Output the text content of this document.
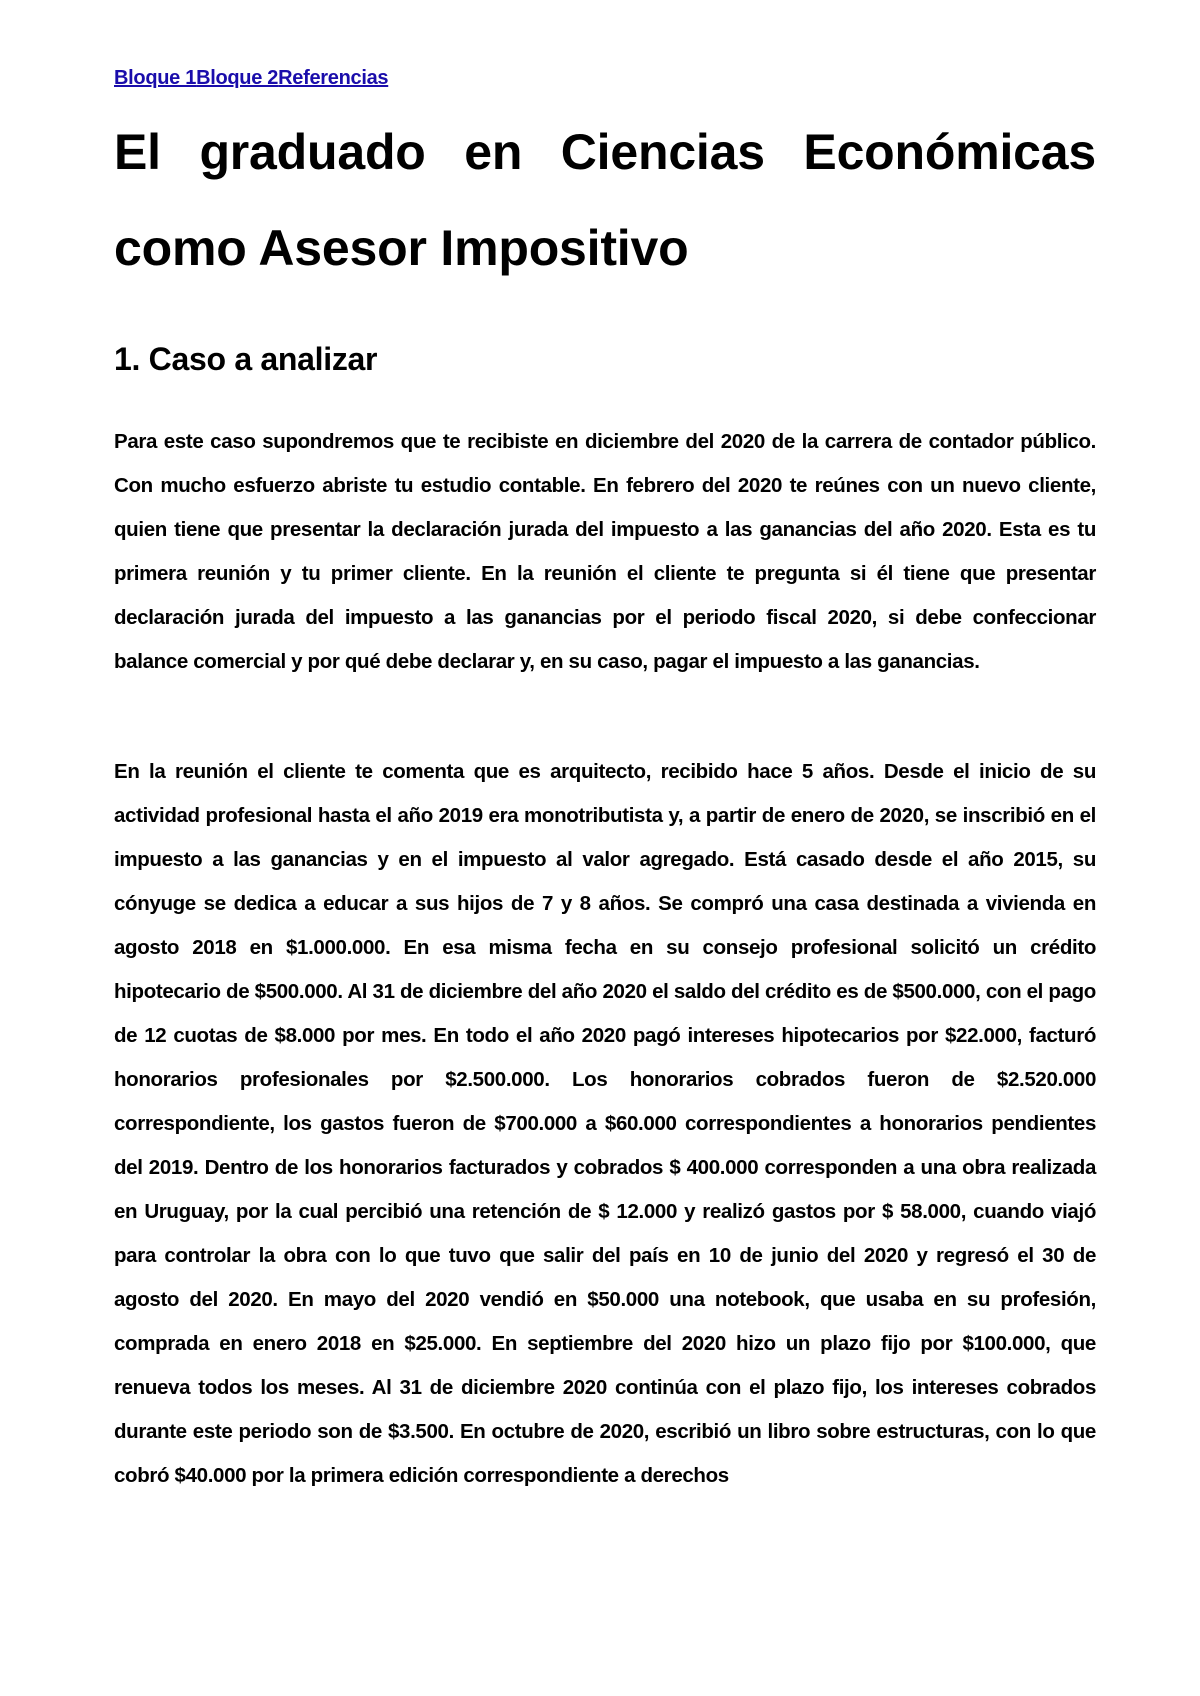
Bloque 1Bloque 2Referencias
El graduado en Ciencias Económicas como Asesor Impositivo
1. Caso a analizar

Para este caso supondremos que te recibiste en diciembre del 2020 de la carrera de contador público. Con mucho esfuerzo abriste tu estudio contable. En febrero del 2020 te reúnes con un nuevo cliente, quien tiene que presentar la declaración jurada del impuesto a las ganancias del año 2020. Esta es tu primera reunión y tu primer cliente. En la reunión el cliente te pregunta si él tiene que presentar declaración jurada del impuesto a las ganancias por el periodo fiscal 2020, si debe confeccionar balance comercial y por qué debe declarar y, en su caso, pagar el impuesto a las ganancias.

En la reunión el cliente te comenta que es arquitecto, recibido hace 5 años. Desde el inicio de su actividad profesional hasta el año 2019 era monotributista y, a partir de enero de 2020, se inscribió en el impuesto a las ganancias y en el impuesto al valor agregado. Está casado desde el año 2015, su cónyuge se dedica a educar a sus hijos de 7 y 8 años. Se compró una casa destinada a vivienda en agosto 2018 en $1.000.000. En esa misma fecha en su consejo profesional solicitó un crédito hipotecario de $500.000. Al 31 de diciembre del año 2020 el saldo del crédito es de $500.000, con el pago de 12 cuotas de $8.000 por mes. En todo el año 2020 pagó intereses hipotecarios por $22.000, facturó honorarios profesionales por $2.500.000. Los honorarios cobrados fueron de $2.520.000 correspondiente, los gastos fueron de $700.000 a $60.000 correspondientes a honorarios pendientes del 2019. Dentro de los honorarios facturados y cobrados $ 400.000 corresponden a una obra realizada en Uruguay, por la cual percibió una retención de $ 12.000 y realizó gastos por $ 58.000, cuando viajó para controlar la obra con lo que tuvo que salir del país en 10 de junio del 2020 y regresó el 30 de agosto del 2020. En mayo del 2020 vendió en $50.000 una notebook, que usaba en su profesión, comprada en enero 2018 en $25.000. En septiembre del 2020 hizo un plazo fijo por $100.000, que renueva todos los meses. Al 31 de diciembre 2020 continúa con el plazo fijo, los intereses cobrados durante este periodo son de $3.500. En octubre de 2020, escribió un libro sobre estructuras, con lo que cobró $40.000 por la primera edición correspondiente a derechos
